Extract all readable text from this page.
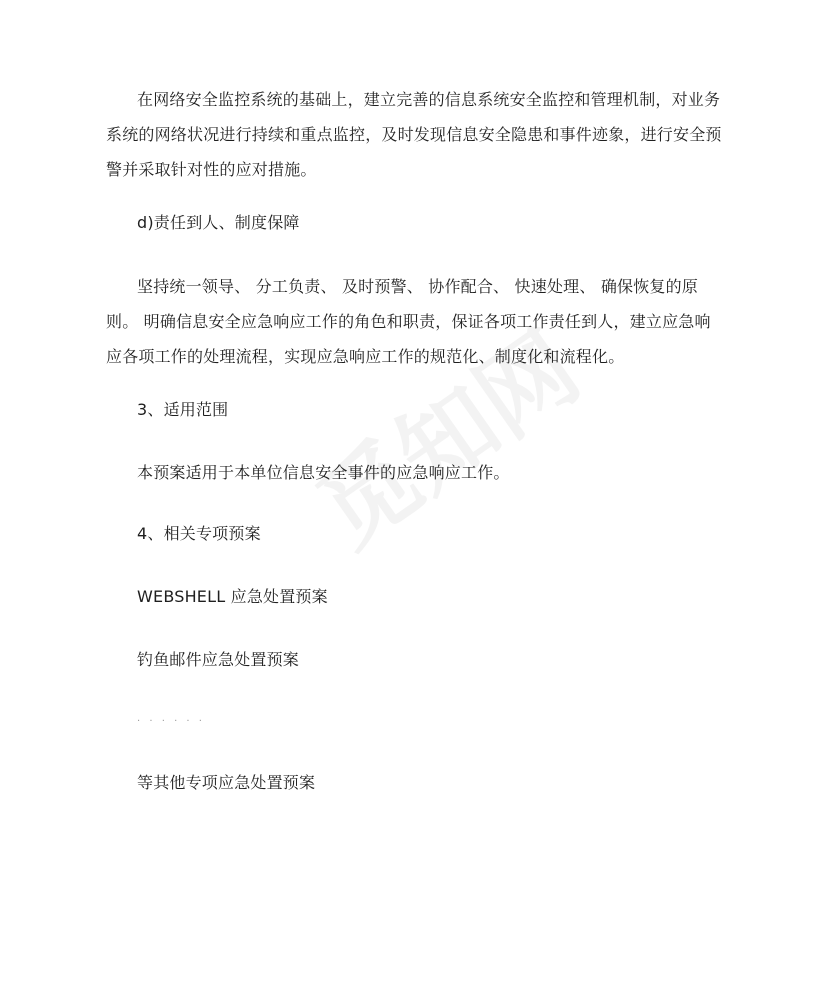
在网络安全监控系统的基础上，建立完善的信息系统安全监控和管理机制，对业务系统的网络状况进行持续和重点监控，及时发现信息安全隐患和事件迹象，进行安全预警并采取针对性的应对措施。

d)责任到人、制度保障

坚持统一领导、 分工负责、 及时预警、 协作配合、 快速处理、 确保恢复的原则。 明确信息安全应急响应工作的角色和职责，保证各项工作责任到人，建立应急响应各项工作的处理流程，实现应急响应工作的规范化、制度化和流程化。

3、适用范围

本预案适用于本单位信息安全事件的应急响应工作。

4、相关专项预案

WEBSHELL 应急处置预案

钓鱼邮件应急处置预案

· · · · · ·

等其他专项应急处置预案
